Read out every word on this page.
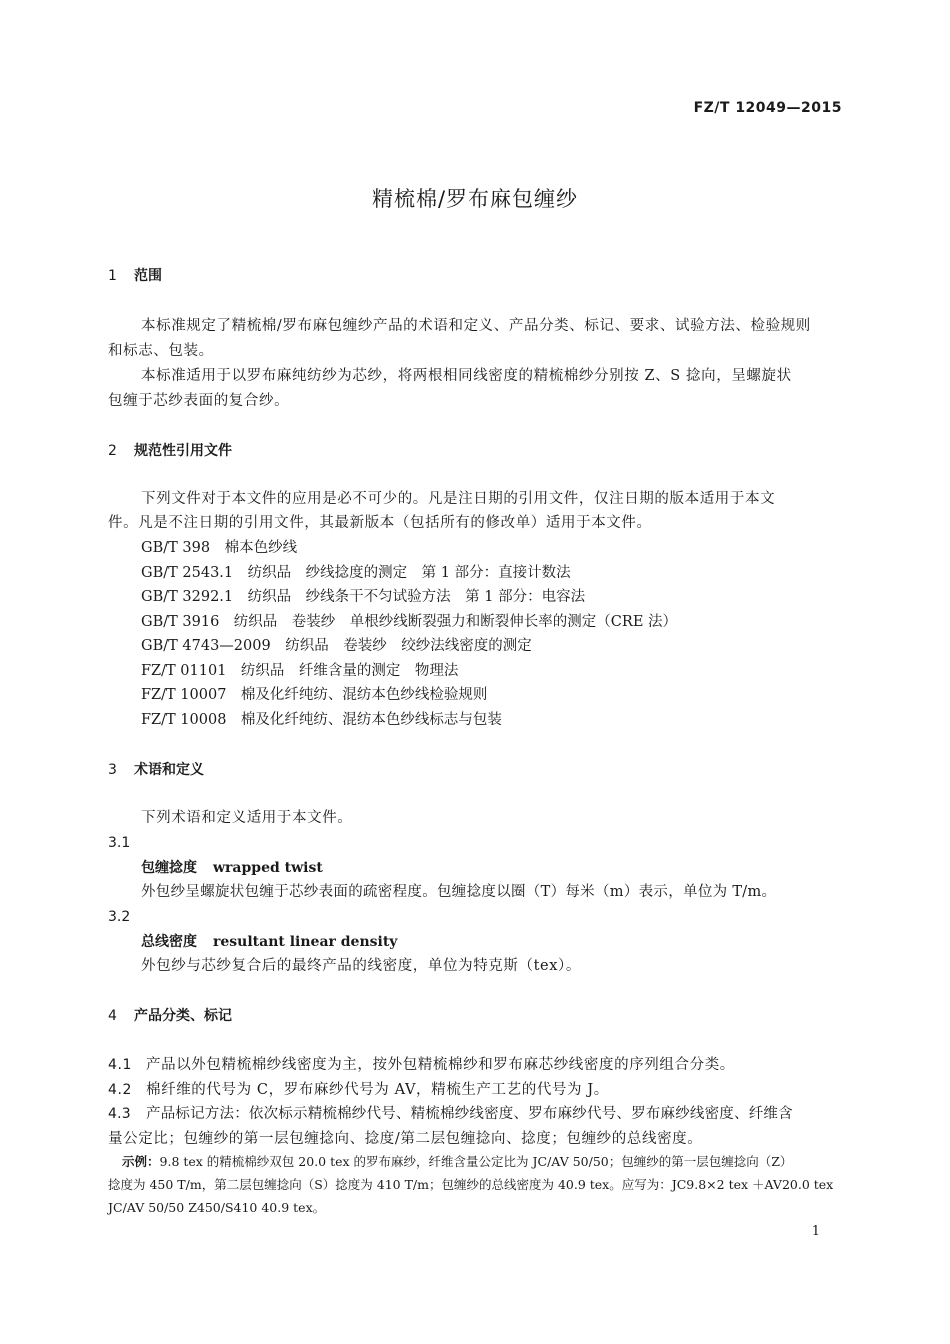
FZ/T 12049—2015
精梳棉/罗布麻包缠纱
1 范围
本标准规定了精梳棉/罗布麻包缠纱产品的术语和定义、产品分类、标记、要求、试验方法、检验规则
和标志、包装。
本标准适用于以罗布麻纯纺纱为芯纱，将两根相同线密度的精梳棉纱分别按 Z、S 捻向，呈螺旋状
包缠于芯纱表面的复合纱。
2 规范性引用文件
下列文件对于本文件的应用是必不可少的。凡是注日期的引用文件，仅注日期的版本适用于本文
件。凡是不注日期的引用文件，其最新版本（包括所有的修改单）适用于本文件。
GB/T 398　棉本色纱线
GB/T 2543.1　纺织品　纱线捻度的测定　第 1 部分：直接计数法
GB/T 3292.1　纺织品　纱线条干不匀试验方法　第 1 部分：电容法
GB/T 3916　纺织品　卷装纱　单根纱线断裂强力和断裂伸长率的测定（CRE 法）
GB/T 4743—2009　纺织品　卷装纱　绞纱法线密度的测定
FZ/T 01101　纺织品　纤维含量的测定　物理法
FZ/T 10007　棉及化纤纯纺、混纺本色纱线检验规则
FZ/T 10008　棉及化纤纯纺、混纺本色纱线标志与包装
3 术语和定义
下列术语和定义适用于本文件。
3.1
包缠捻度 wrapped twist
外包纱呈螺旋状包缠于芯纱表面的疏密程度。包缠捻度以圈（T）每米（m）表示，单位为 T/m。
3.2
总线密度 resultant linear density
外包纱与芯纱复合后的最终产品的线密度，单位为特克斯（tex）。
4 产品分类、标记
4.1 产品以外包精梳棉纱线密度为主，按外包精梳棉纱和罗布麻芯纱线密度的序列组合分类。
4.2 棉纤维的代号为 C，罗布麻纱代号为 AV，精梳生产工艺的代号为 J。
4.3 产品标记方法：依次标示精梳棉纱代号、精梳棉纱线密度、罗布麻纱代号、罗布麻纱线密度、纤维含
量公定比；包缠纱的第一层包缠捻向、捻度/第二层包缠捻向、捻度；包缠纱的总线密度。
示例：9.8 tex 的精梳棉纱双包 20.0 tex 的罗布麻纱，纤维含量公定比为 JC/AV 50/50；包缠纱的第一层包缠捻向（Z）
捻度为 450 T/m，第二层包缠捻向（S）捻度为 410 T/m；包缠纱的总线密度为 40.9 tex。应写为：JC9.8×2 tex ＋AV20.0 tex
JC/AV 50/50 Z450/S410 40.9 tex。
1
